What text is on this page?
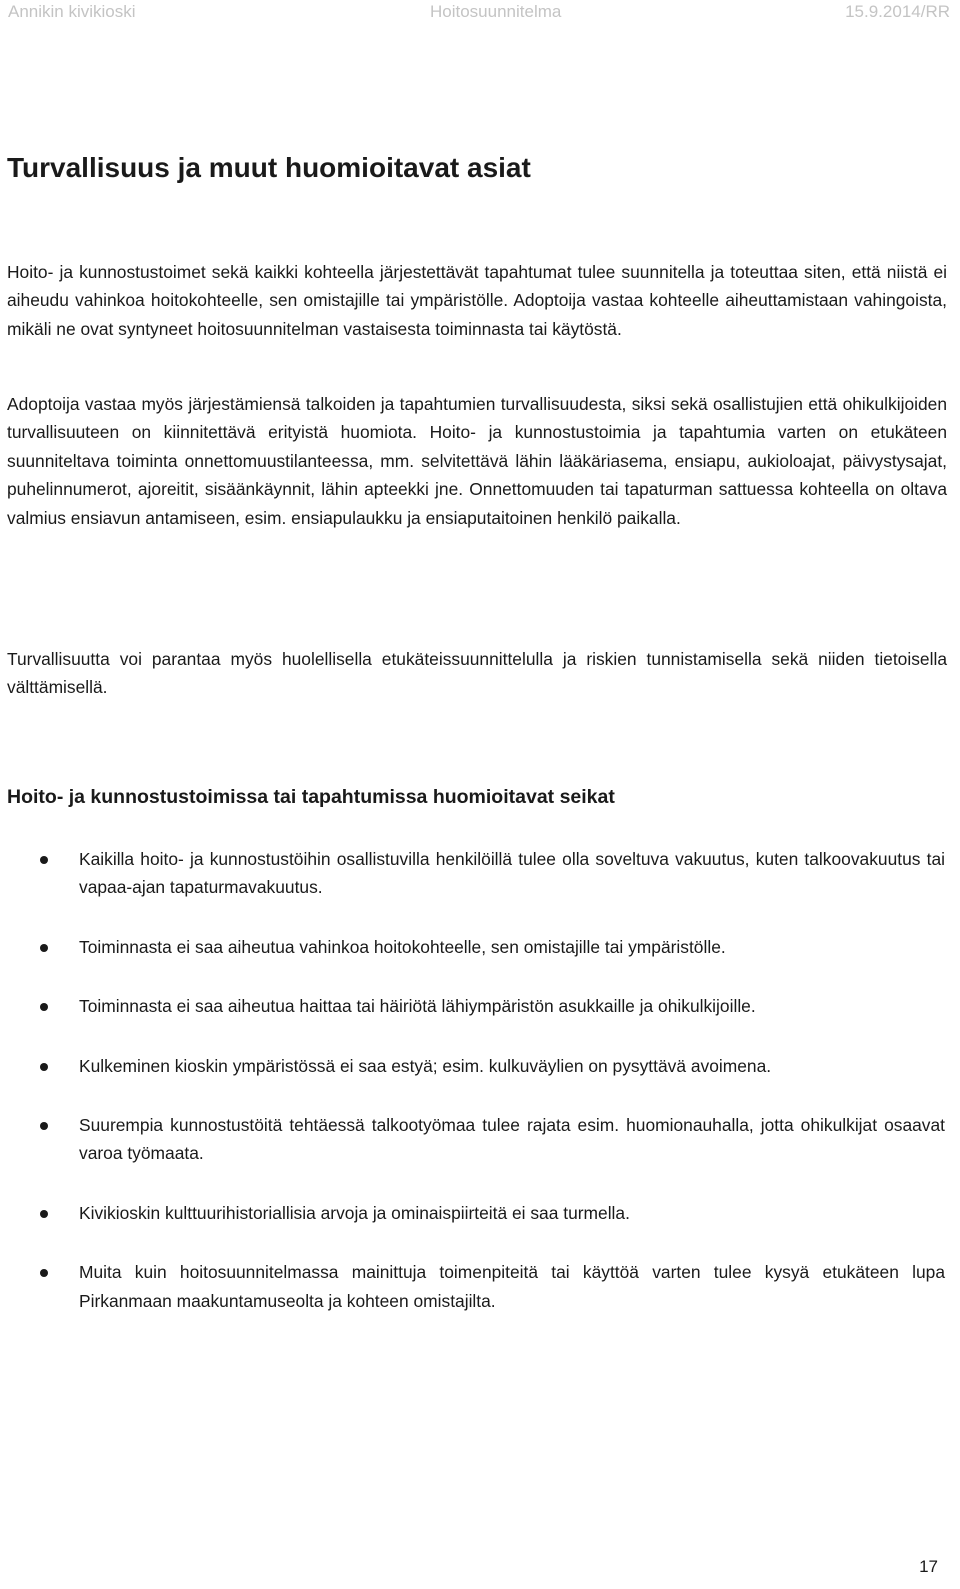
Annikin kivikioski	Hoitosuunnitelma	15.9.2014/RR
Turvallisuus ja muut huomioitavat asiat

Hoito- ja kunnostustoimet sekä kaikki kohteella järjestettävät tapahtumat tulee suunnitella ja toteuttaa siten, että niistä ei aiheudu vahinkoa hoitokohteelle, sen omistajille tai ympäristölle. Adoptoija vastaa kohteelle aiheuttamistaan vahingoista, mikäli ne ovat syntyneet hoitosuunnitelman vastaisesta toiminnasta tai käytöstä.

Adoptoija vastaa myös järjestämiensä talkoiden ja tapahtumien turvallisuudesta, siksi sekä osallistujien että ohikulkijoiden turvallisuuteen on kiinnitettävä erityistä huomiota. Hoito- ja kunnostustoimia ja tapahtumia varten on etukäteen suunniteltava toiminta onnettomuustilanteessa, mm. selvitettävä lähin lääkäriasema, ensiapu, aukioloajat, päivystysajat, puhelinnumerot, ajoreitit, sisäänkäynnit, lähin apteekki jne. Onnettomuuden tai tapaturman sattuessa kohteella on oltava valmius ensiavun antamiseen, esim. ensiapulaukku ja ensiaputaitoinen henkilö paikalla.

Turvallisuutta voi parantaa myös huolellisella etukäteissuunnittelulla ja riskien tunnistamisella sekä niiden tietoisella välttämisellä.

Hoito- ja kunnostustoimissa tai tapahtumissa huomioitavat seikat
Kaikilla hoito- ja kunnostustöihin osallistuvilla henkilöillä tulee olla soveltuva vakuutus, kuten talkoovakuutus tai vapaa-ajan tapaturmavakuutus.
Toiminnasta ei saa aiheutua vahinkoa hoitokohteelle, sen omistajille tai ympäristölle.
Toiminnasta ei saa aiheutua haittaa tai häiriötä lähiympäristön asukkaille ja ohikulkijoille.
Kulkeminen kioskin ympäristössä ei saa estyä; esim. kulkuväylien on pysyttävä avoimena.
Suurempia kunnostustöitä tehtäessä talkootyömaa tulee rajata esim. huomionauhalla, jotta ohikulkijat osaavat varoa työmaata.
Kivikioskin kulttuurihistoriallisia arvoja ja ominaispiirteitä ei saa turmella.
Muita kuin hoitosuunnitelmassa mainittuja toimenpiteitä tai käyttöä varten tulee kysyä etukäteen lupa Pirkanmaan maakuntamuseolta ja kohteen omistajilta.
17
